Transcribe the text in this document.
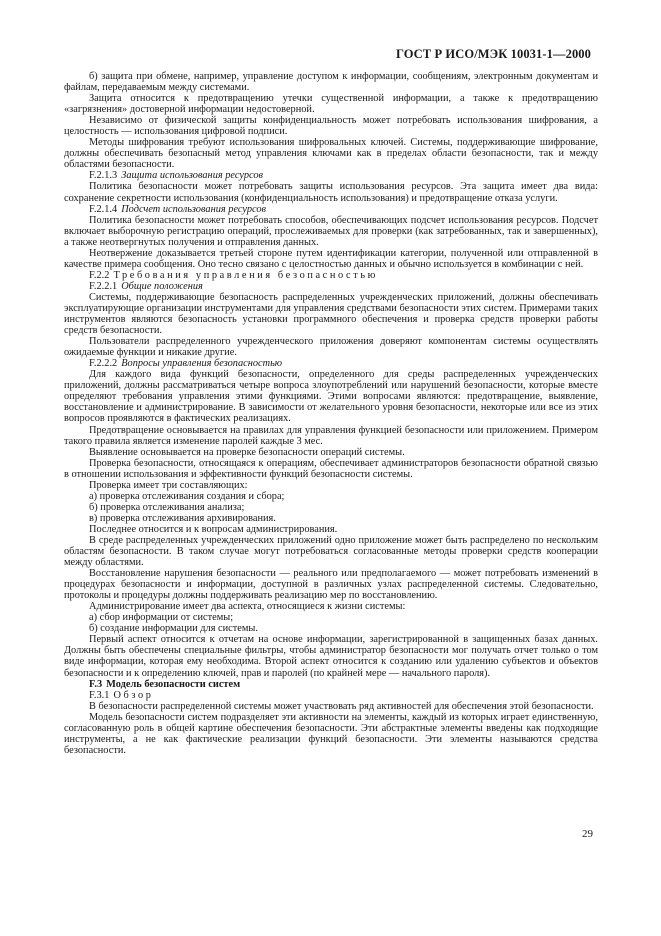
ГОСТ Р ИСО/МЭК 10031-1—2000

б) защита при обмене, например, управление доступом к информации, сообщениям, электронным документам и файлам, передаваемым между системами.

Защита относится к предотвращению утечки существенной информации, а также к предотвращению «загрязнения» достоверной информации недостоверной.

Независимо от физической защиты конфиденциальность может потребовать использования шифрования, а целостность — использования цифровой подписи.

Методы шифрования требуют использования шифровальных ключей. Системы, поддерживающие шифрование, должны обеспечивать безопасный метод управления ключами как в пределах области безопасности, так и между областями безопасности.

F.2.1.3 Защита использования ресурсов

Политика безопасности может потребовать защиты использования ресурсов. Эта защита имеет два вида: сохранение секретности использования (конфиденциальность использования) и предотвращение отказа услуги.

F.2.1.4 Подсчет использования ресурсов

Политика безопасности может потребовать способов, обеспечивающих подсчет использования ресурсов. Подсчет включает выборочную регистрацию операций, прослеживаемых для проверки (как затребованных, так и завершенных), а также неотвергнутых получения и отправления данных.

Неотвержение доказывается третьей стороне путем идентификации категории, полученной или отправленной в качестве примера сообщения. Оно тесно связано с целостностью данных и обычно используется в комбинации с ней.

F.2.2 Требования управления безопасностью

F.2.2.1 Общие положения

Системы, поддерживающие безопасность распределенных учрежденческих приложений, должны обеспечивать эксплуатирующие организации инструментами для управления средствами безопасности этих систем. Примерами таких инструментов являются безопасность установки программного обеспечения и проверка средств проверки работы средств безопасности.

Пользователи распределенного учрежденческого приложения доверяют компонентам системы осуществлять ожидаемые функции и никакие другие.

F.2.2.2 Вопросы управления безопасностью

Для каждого вида функций безопасности, определенного для среды распределенных учрежденческих приложений, должны рассматриваться четыре вопроса злоупотреблений или нарушений безопасности, которые вместе определяют требования управления этими функциями. Этими вопросами являются: предотвращение, выявление, восстановление и администрирование. В зависимости от желательного уровня безопасности, некоторые или все из этих вопросов проявляются в фактических реализациях.

Предотвращение основывается на правилах для управления функцией безопасности или приложением. Примером такого правила является изменение паролей каждые 3 мес.

Выявление основывается на проверке безопасности операций системы.

Проверка безопасности, относящаяся к операциям, обеспечивает администраторов безопасности обратной связью в отношении использования и эффективности функций безопасности системы.

Проверка имеет три составляющих:

а) проверка отслеживания создания и сбора;

б) проверка отслеживания анализа;

в) проверка отслеживания архивирования.

Последнее относится и к вопросам администрирования.

В среде распределенных учрежденческих приложений одно приложение может быть распределено по нескольким областям безопасности. В таком случае могут потребоваться согласованные методы проверки средств кооперации между областями.

Восстановление нарушения безопасности — реального или предполагаемого — может потребовать изменений в процедурах безопасности и информации, доступной в различных узлах распределенной системы. Следовательно, протоколы и процедуры должны поддерживать реализацию мер по восстановлению.

Администрирование имеет два аспекта, относящиеся к жизни системы:

а) сбор информации от системы;

б) создание информации для системы.

Первый аспект относится к отчетам на основе информации, зарегистрированной в защищенных базах данных. Должны быть обеспечены специальные фильтры, чтобы администратор безопасности мог получать отчет только о том виде информации, которая ему необходима. Второй аспект относится к созданию или удалению субъектов и объектов безопасности и к определению ключей, прав и паролей (по крайней мере — начального пароля).

F.3 Модель безопасности систем

F.3.1 Обзор

В безопасности распределенной системы может участвовать ряд активностей для обеспечения этой безопасности.

Модель безопасности систем подразделяет эти активности на элементы, каждый из которых играет единственную, согласованную роль в общей картине обеспечения безопасности. Эти абстрактные элементы введены как подходящие инструменты, а не как фактические реализации функций безопасности. Эти элементы называются средства безопасности.

29
